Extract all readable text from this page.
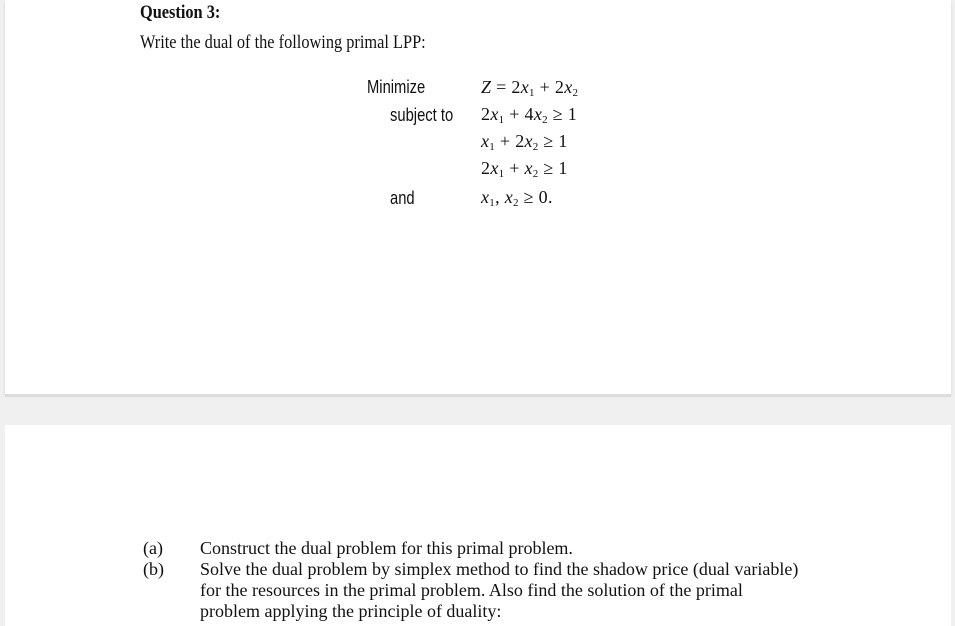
Question 3:
Write the dual of the following primal LPP:
Minimize
subject to
and
$Z = 2x_1 + 2x_2$
$2x_1 + 4x_2 \ge 1$
$x_1 + 2x_2 \ge 1$
$2x_1 + x_2 \ge 1$
$x_1$, $x_2 \ge 0$.
(a) Construct the dual problem for this primal problem.
(b) Solve the dual problem by simplex method to find the shadow price (dual variable) for the resources in the primal problem. Also find the solution of the primal problem applying the principle of duality:
